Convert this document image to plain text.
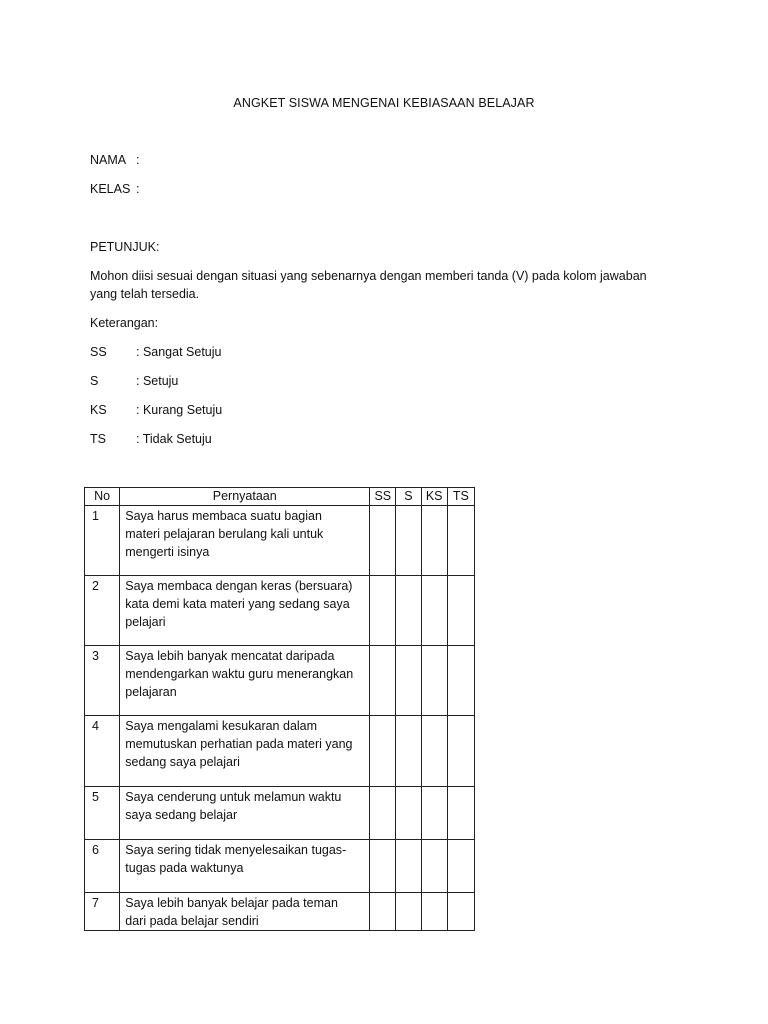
ANGKET SISWA MENGENAI KEBIASAAN BELAJAR
NAMA :
KELAS :
PETUNJUK:
Mohon diisi sesuai dengan situasi yang sebenarnya dengan memberi tanda (V) pada kolom jawaban yang telah tersedia.
Keterangan:
SS : Sangat Setuju
S	: Setuju
KS : Kurang Setuju
TS : Tidak Setuju
No	Pernyataan	SS	S	KS	TS
1	Saya harus membaca suatu bagian materi pelajaran berulang kali untuk mengerti isinya				
2	Saya membaca dengan keras (bersuara) kata demi kata materi yang sedang saya pelajari				
3	Saya lebih banyak mencatat daripada mendengarkan waktu guru menerangkan pelajaran				
4	Saya mengalami kesukaran dalam memutuskan perhatian pada materi yang sedang saya pelajari				
5	Saya cenderung untuk melamun waktu saya sedang belajar				
6	Saya sering tidak menyelesaikan tugas-tugas pada waktunya				
7	Saya lebih banyak belajar pada teman dari pada belajar sendiri				
